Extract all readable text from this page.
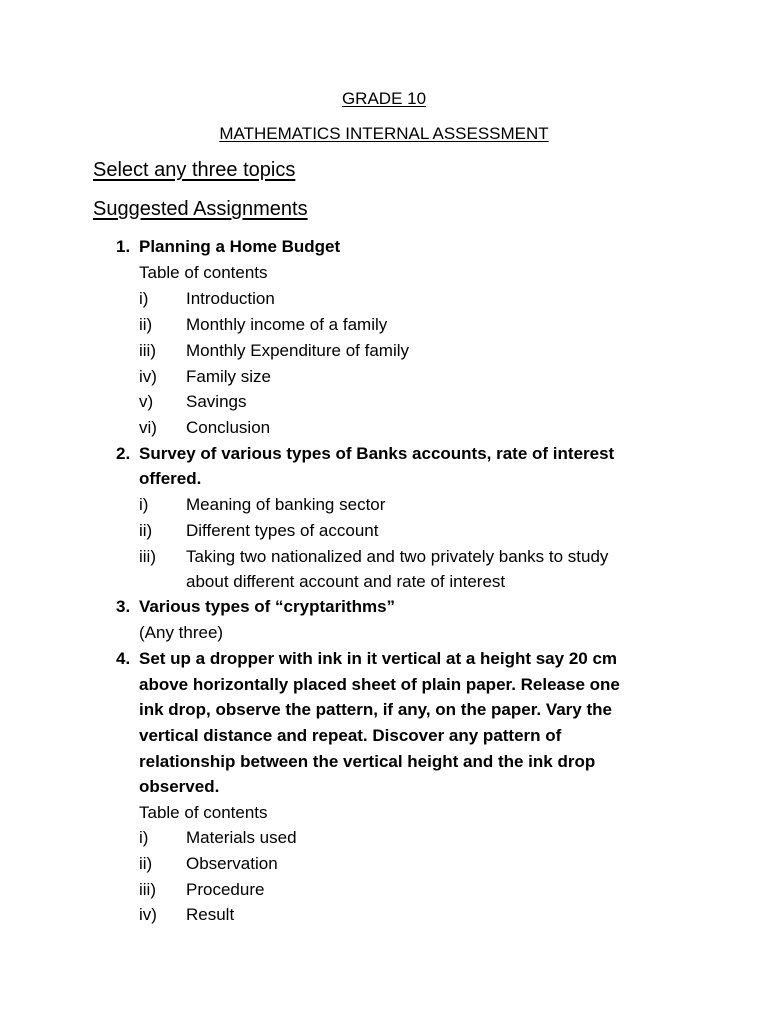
GRADE 10
MATHEMATICS INTERNAL ASSESSMENT
Select any three topics
Suggested Assignments
1. Planning a Home Budget
Table of contents
i) Introduction
ii) Monthly income of a family
iii) Monthly Expenditure of family
iv) Family size
v) Savings
vi) Conclusion
2. Survey of various types of Banks accounts, rate of interest
offered.
i) Meaning of banking sector
ii) Different types of account
iii) Taking two nationalized and two privately banks to study
about different account and rate of interest
3. Various types of “cryptarithms”
(Any three)
4. Set up a dropper with ink in it vertical at a height say 20 cm
above horizontally placed sheet of plain paper. Release one
ink drop, observe the pattern, if any, on the paper. Vary the
vertical distance and repeat. Discover any pattern of
relationship between the vertical height and the ink drop
observed.
Table of contents
i) Materials used
ii) Observation
iii) Procedure
iv) Result
